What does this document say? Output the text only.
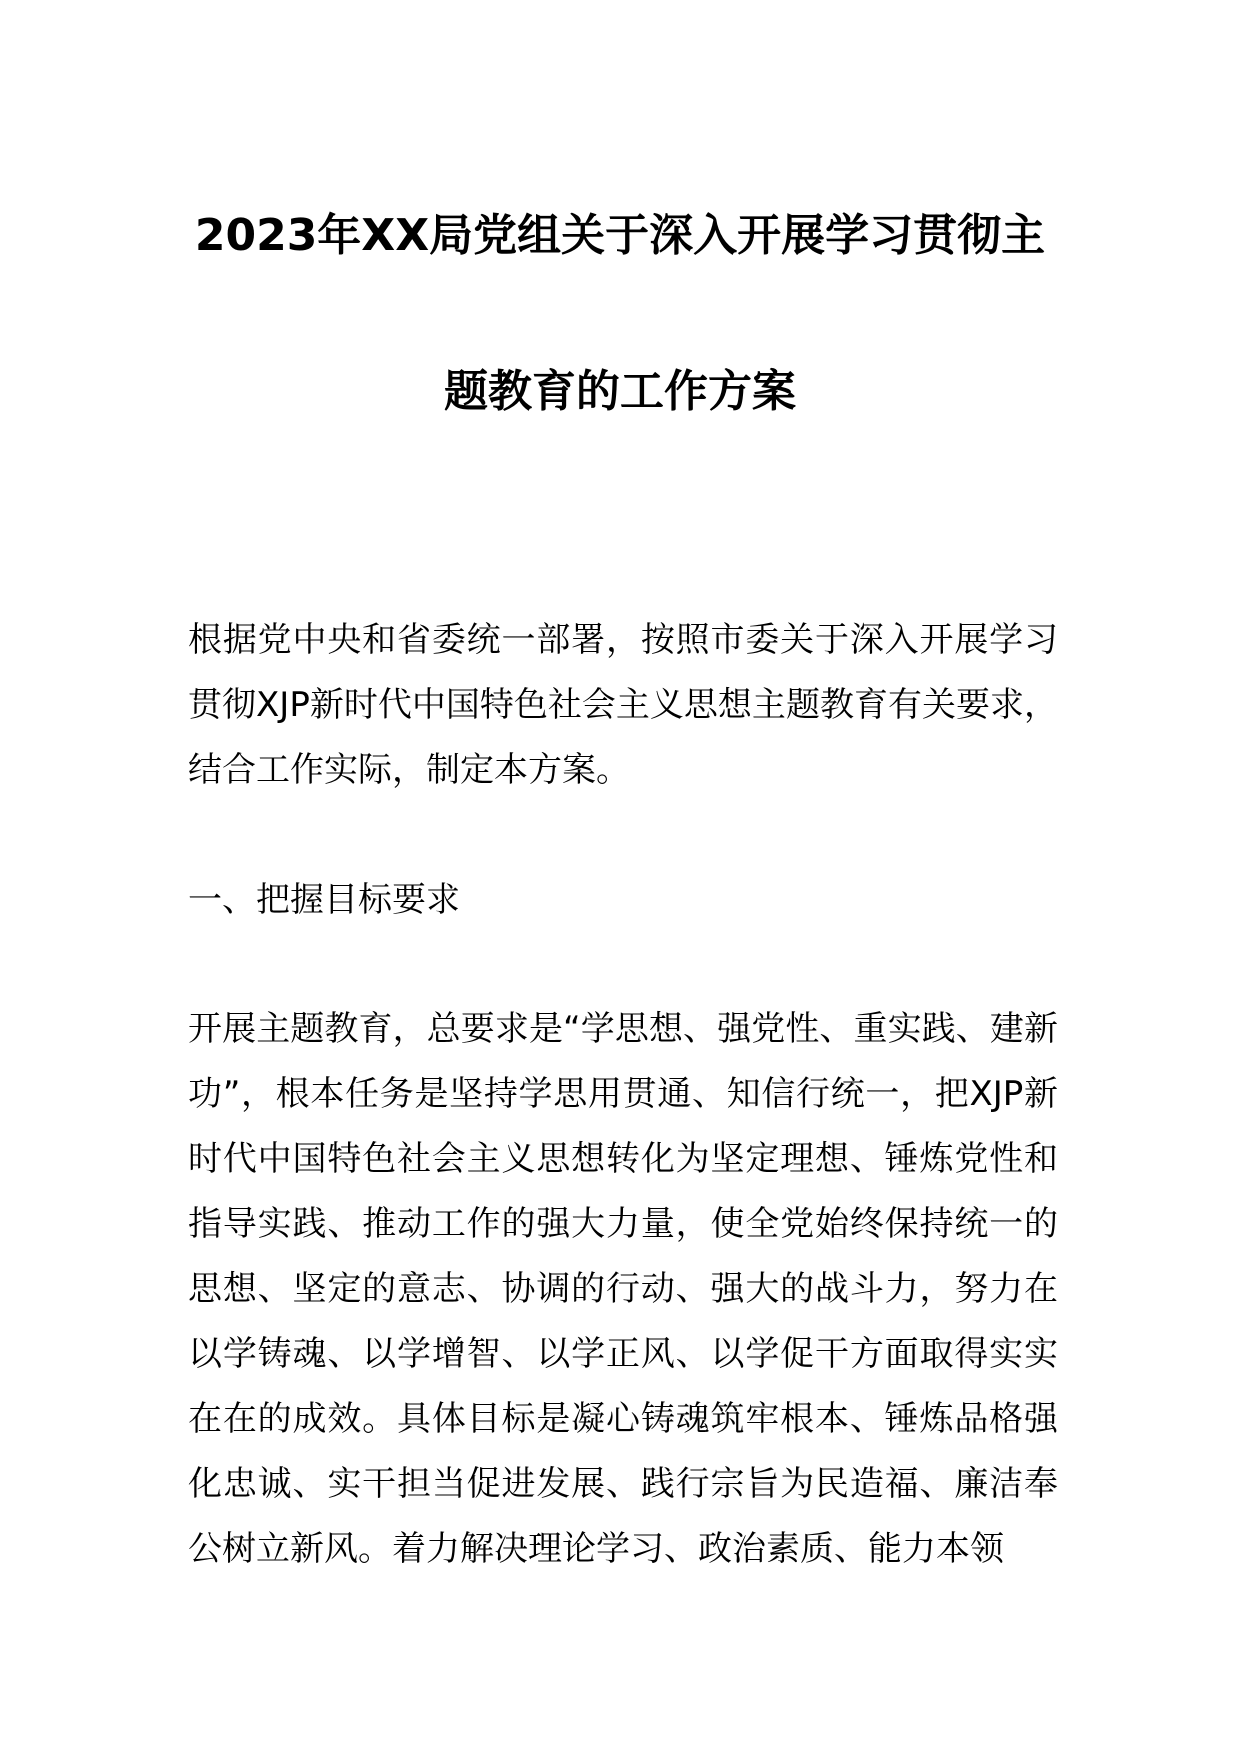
2023年XX局党组关于深入开展学习贯彻主
题教育的工作方案
根据党中央和省委统一部署，按照市委关于深入开展学习贯彻XJP新时代中国特色社会主义思想主题教育有关要求，结合工作实际，制定本方案。
一、把握目标要求
开展主题教育，总要求是“学思想、强党性、重实践、建新功”，根本任务是坚持学思用贯通、知信行统一，把XJP新时代中国特色社会主义思想转化为坚定理想、锤炼党性和指导实践、推动工作的强大力量，使全党始终保持统一的思想、坚定的意志、协调的行动、强大的战斗力，努力在以学铸魂、以学增智、以学正风、以学促干方面取得实实在在的成效。具体目标是凝心铸魂筑牢根本、锤炼品格强化忠诚、实干担当促进发展、践行宗旨为民造福、廉洁奉公树立新风。着力解决理论学习、政治素质、能力本领
